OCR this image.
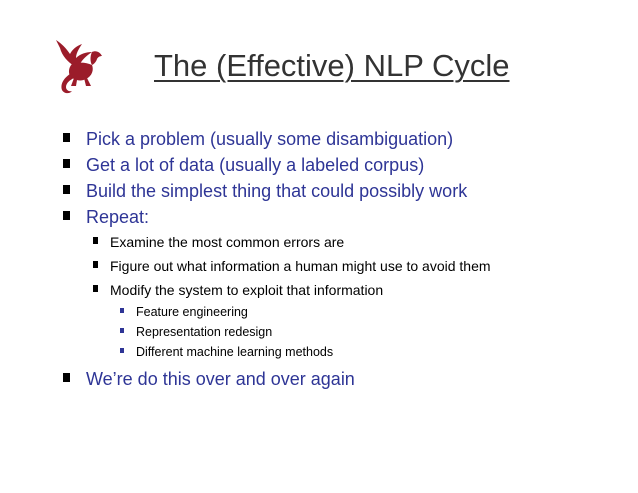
The (Effective) NLP Cycle
Pick a problem (usually some disambiguation)
Get a lot of data (usually a labeled corpus)
Build the simplest thing that could possibly work
Repeat:
Examine the most common errors are
Figure out what information a human might use to avoid them
Modify the system to exploit that information
Feature engineering
Representation redesign
Different machine learning methods
We’re do this over and over again
